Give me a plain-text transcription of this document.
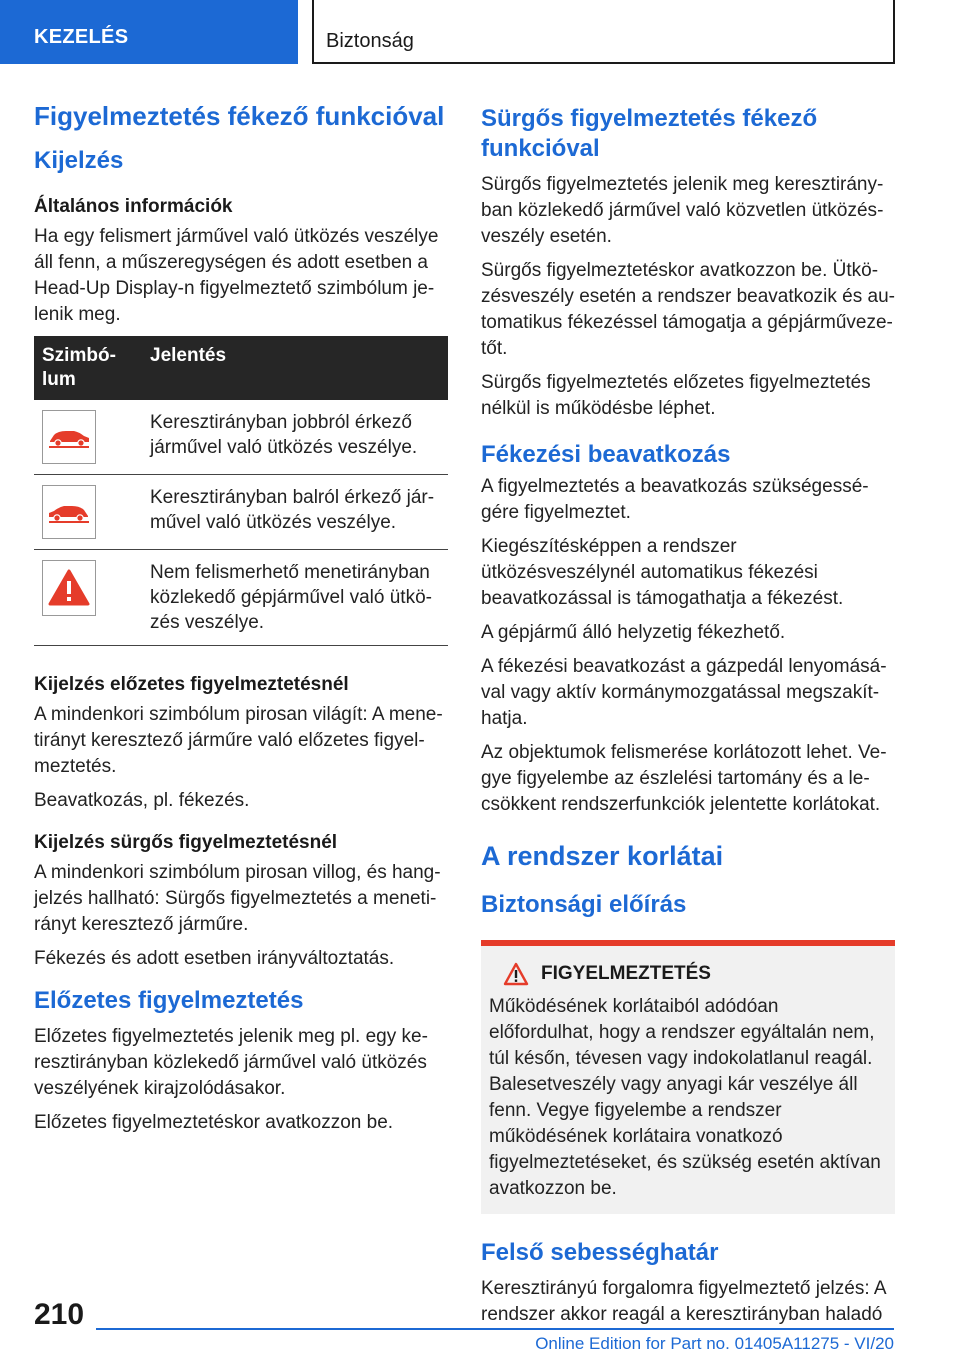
KEZELÉS	Biztonság
Figyelmeztetés fékező funkcióval
Kijelzés
Általános információk

Ha egy felismert járművel való ütközés veszélye áll fenn, a műszeregységen és adott esetben a Head-Up Display-n figyelmeztető szimbólum jelenik meg.

Szimbólum	Jelentés

	Keresztirányban jobbról érkező járművel való ütközés veszélye.

	Keresztirányban balról érkező járművel való ütközés veszélye.

	Nem felismerhető menetirányban közlekedő gépjárművel való ütközés veszélye.
Kijelzés előzetes figyelmeztetésnél

A mindenkori szimbólum pirosan világít: A menetirányt keresztező járműre való előzetes figyelmeztetés.

Beavatkozás, pl. fékezés.

Kijelzés sürgős figyelmeztetésnél

A mindenkori szimbólum pirosan villog, és hangjelzés hallható: Sürgős figyelmeztetés a menetirányt keresztező járműre.

Fékezés és adott esetben irányváltoztatás.

Előzetes figyelmeztetés

Előzetes figyelmeztetés jelenik meg pl. egy keresztirányban közlekedő járművel való ütközés veszélyének kirajzolódásakor.

Előzetes figyelmeztetéskor avatkozzon be.

Sürgős figyelmeztetés fékező funkcióval

Sürgős figyelmeztetés jelenik meg keresztirányban közlekedő járművel való közvetlen ütközésveszély esetén.

Sürgős figyelmeztetéskor avatkozzon be. Ütközésveszély esetén a rendszer beavatkozik és automatikus fékezéssel támogatja a gépjárművezetőt.

Sürgős figyelmeztetés előzetes figyelmeztetés nélkül is működésbe léphet.

Fékezési beavatkozás

A figyelmeztetés a beavatkozás szükségességére figyelmeztet.

Kiegészítésképpen a rendszer ütközésveszélynél automatikus fékezési beavatkozással is támogathatja a fékezést.

A gépjármű álló helyzetig fékezhető.

A fékezési beavatkozást a gázpedál lenyomásával vagy aktív kormánymozgatással megszakíthatja.

Az objektumok felismerése korlátozott lehet. Vegye figyelembe az észlelési tartomány és a lecsökkent rendszerfunkciók jelentette korlátokat.

A rendszer korlátai
Biztonsági előírás
FIGYELMEZTETÉS

Működésének korlátaiból adódóan előfordulhat, hogy a rendszer egyáltalán nem, túl későn, tévesen vagy indokolatlanul reagál. Balesetveszély vagy anyagi kár veszélye áll fenn. Vegye figyelembe a rendszer működésének korlátaira vonatkozó figyelmeztetéseket, és szükség esetén aktívan avatkozzon be.

Felső sebességhatár

Keresztirányú forgalomra figyelmeztető jelzés: A rendszer akkor reagál a keresztirányban haladó

210
Online Edition for Part no. 01405A11275 - VI/20
